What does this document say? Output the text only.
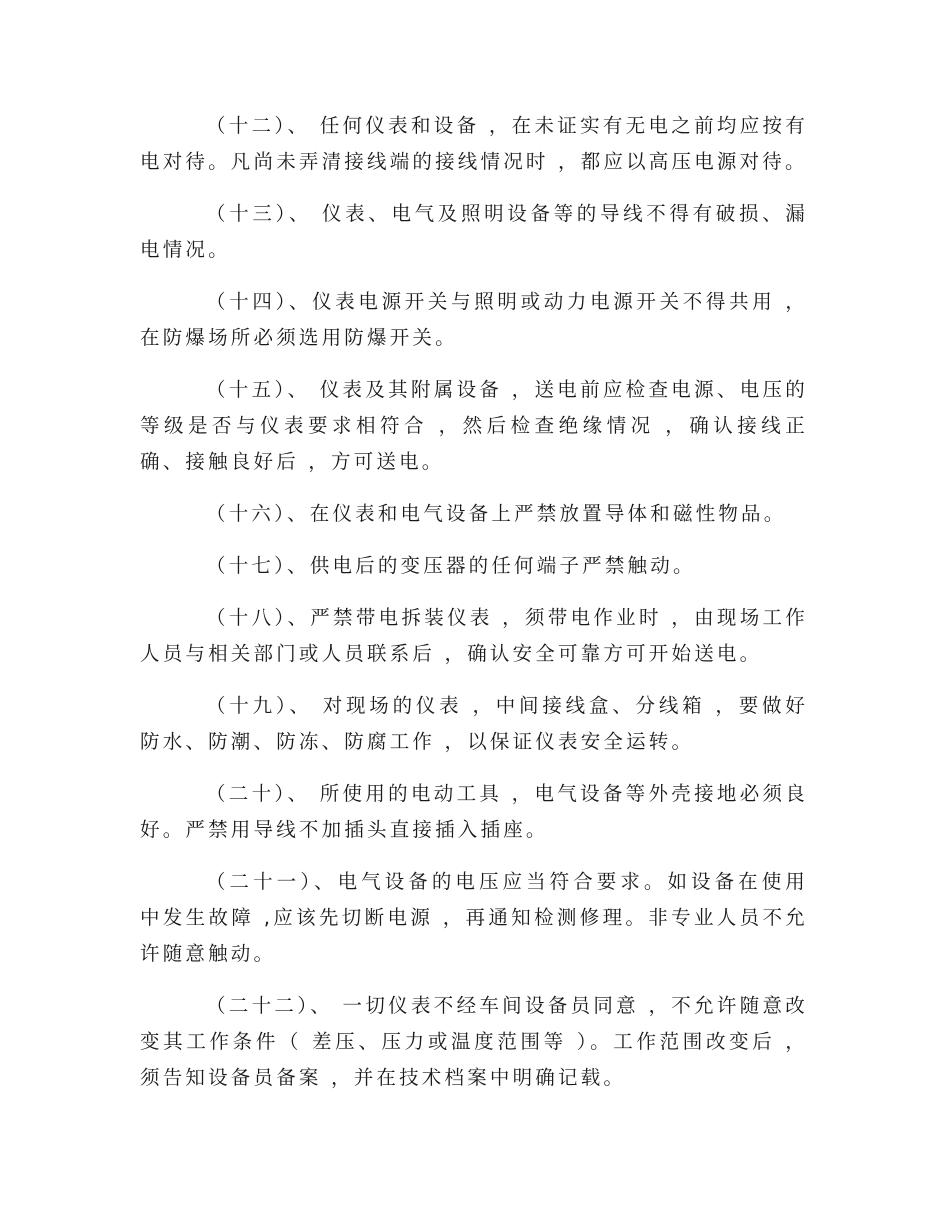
（十二）、 任何仪表和设备 ，在未证实有无电之前均应按有电对待。凡尚未弄清接线端的接线情况时 ，都应以高压电源对待。

（十三）、 仪表、电气及照明设备等的导线不得有破损、漏电情况。

（十四）、仪表电源开关与照明或动力电源开关不得共用 ，在防爆场所必须选用防爆开关。

（十五）、 仪表及其附属设备 ，送电前应检查电源、电压的等级是否与仪表要求相符合 ，然后检查绝缘情况 ，确认接线正确、接触良好后 ，方可送电。

（十六）、在仪表和电气设备上严禁放置导体和磁性物品。

（十七）、供电后的变压器的任何端子严禁触动。

（十八）、严禁带电拆装仪表 ，须带电作业时 ，由现场工作人员与相关部门或人员联系后 ，确认安全可靠方可开始送电。

（十九）、 对现场的仪表 ，中间接线盒、分线箱 ，要做好防水、防潮、防冻、防腐工作 ，以保证仪表安全运转。

（二十）、 所使用的电动工具 ，电气设备等外壳接地必须良好。严禁用导线不加插头直接插入插座。

（二十一）、电气设备的电压应当符合要求。如设备在使用中发生故障 ,应该先切断电源 ，再通知检测修理。非专业人员不允许随意触动。

（二十二）、 一切仪表不经车间设备员同意 ，不允许随意改变其工作条件（ 差压、压力或温度范围等 ）。工作范围改变后 ，须告知设备员备案 ，并在技术档案中明确记载。
